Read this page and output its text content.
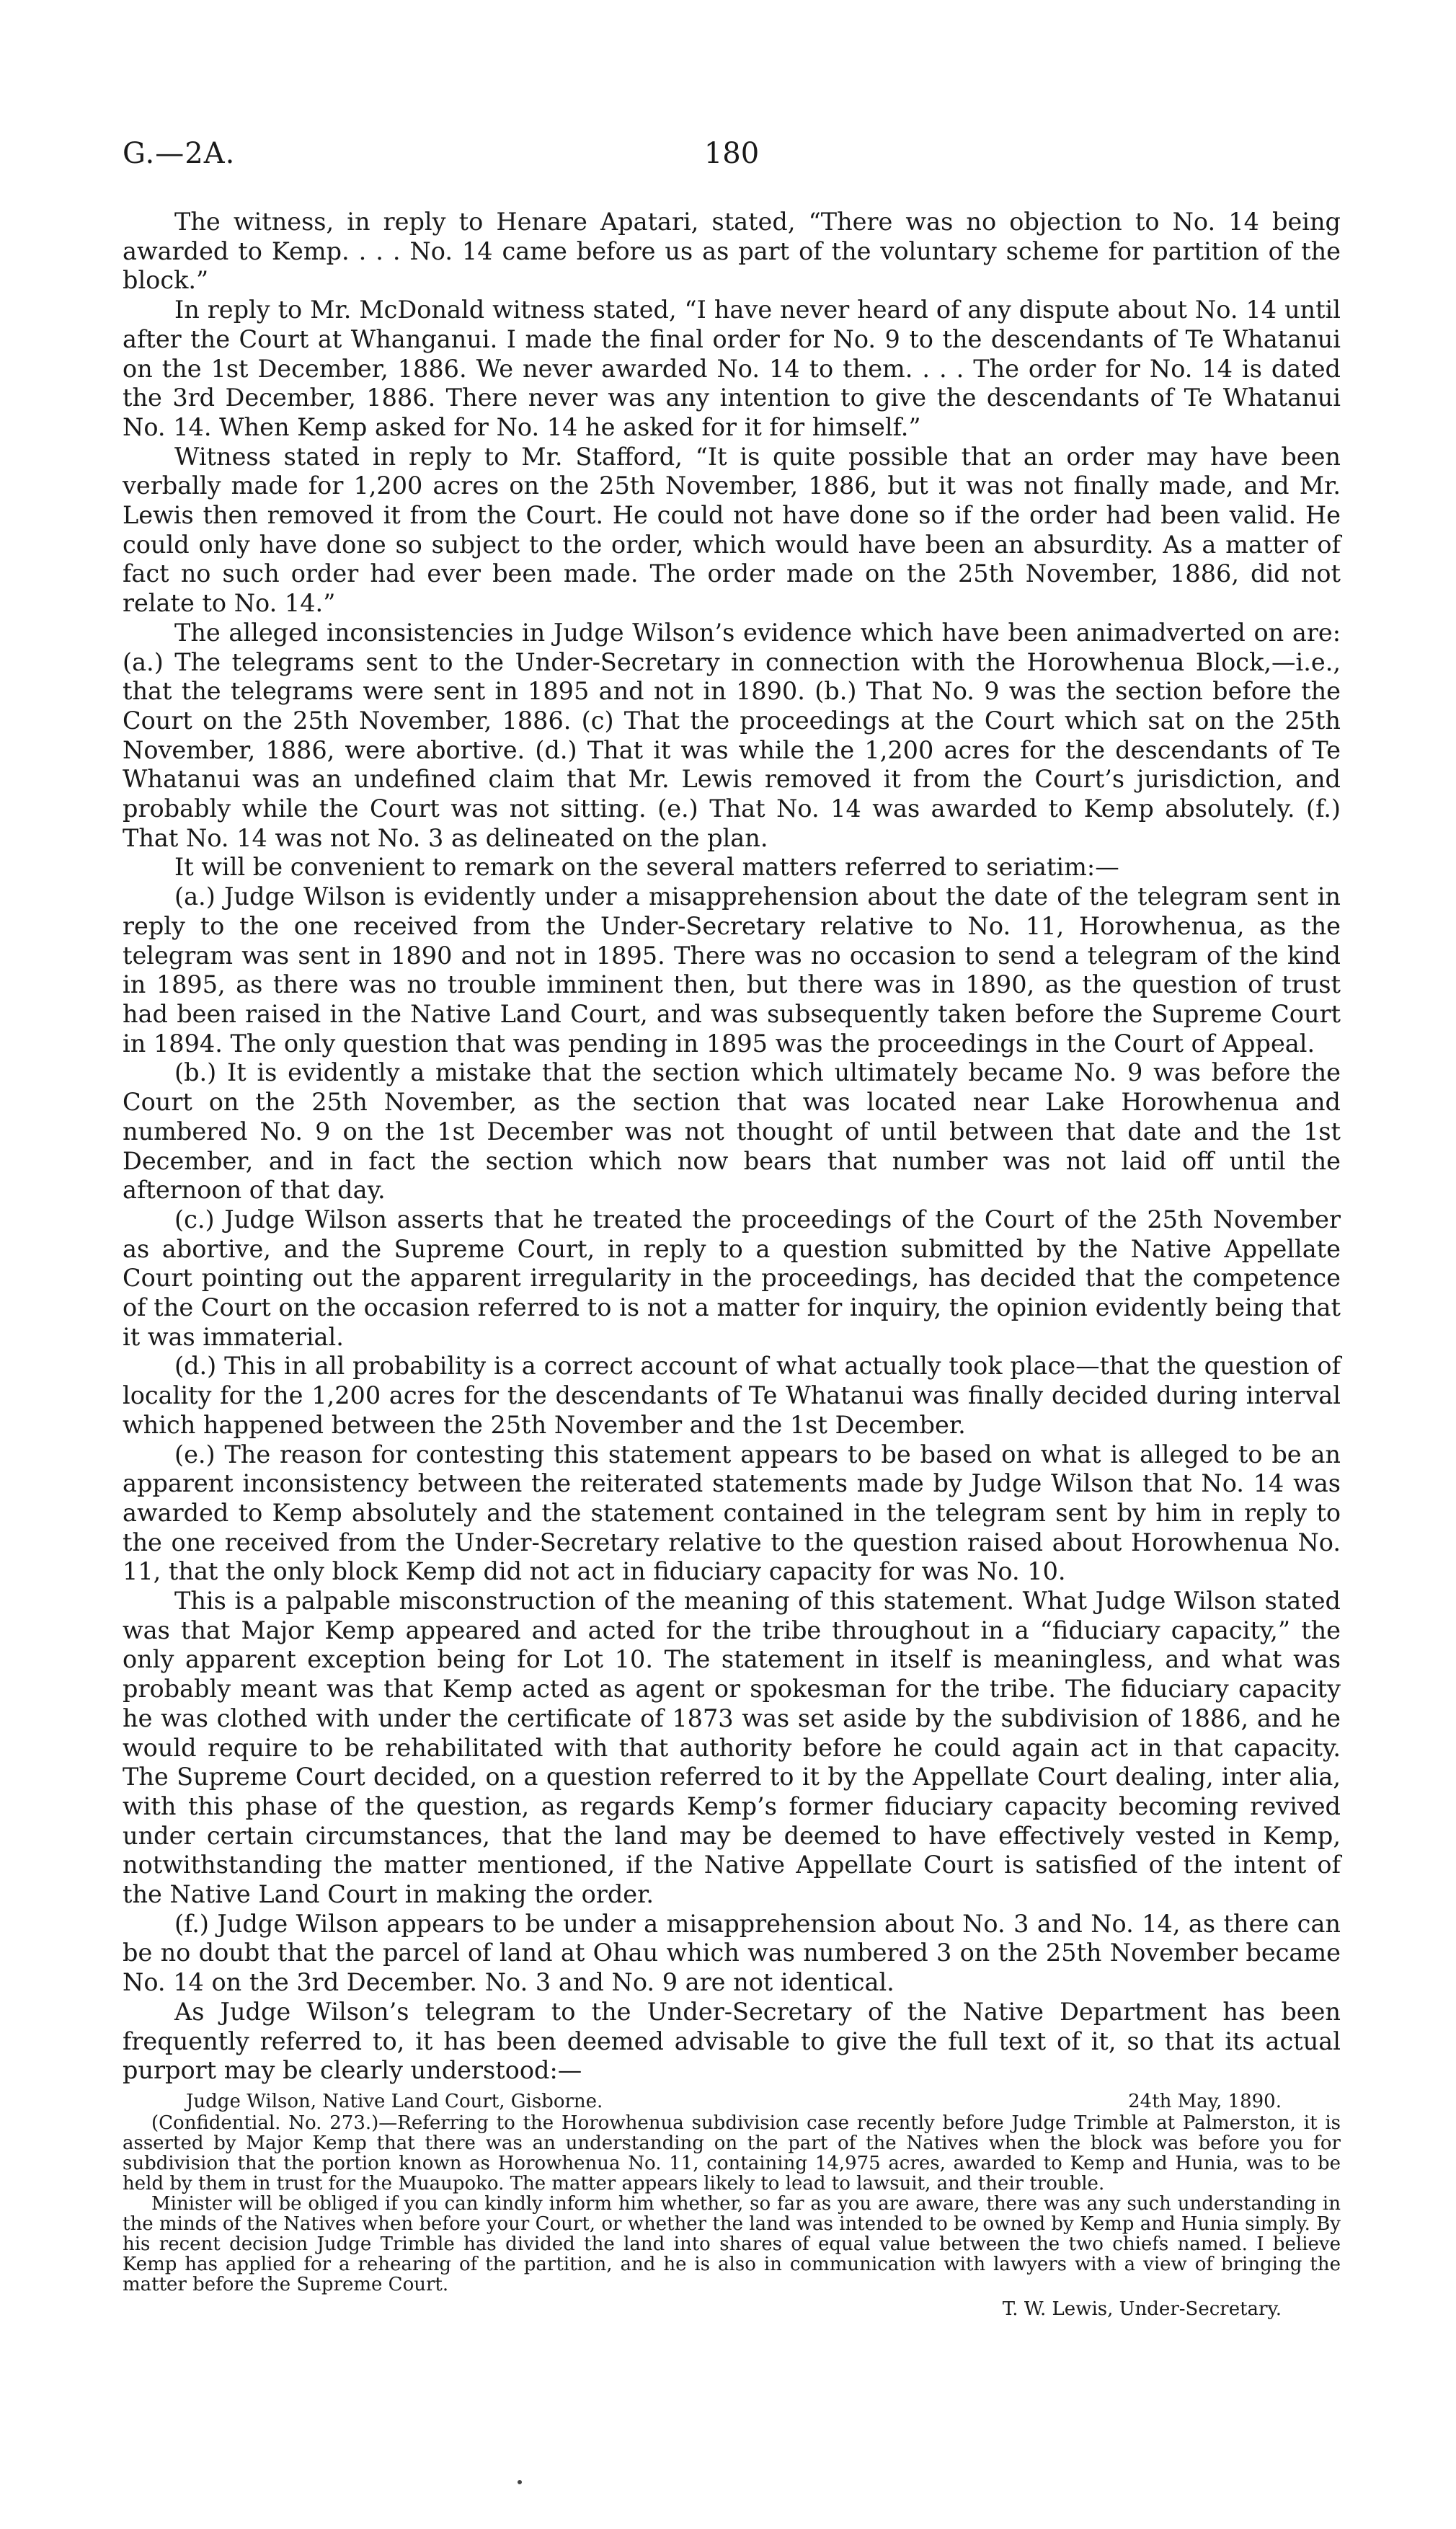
G.—2A.	180

The witness, in reply to Henare Apatari, stated, “There was no objection to No. 14 being awarded to Kemp. . . . No. 14 came before us as part of the voluntary scheme for partition of the block.”

In reply to Mr. McDonald witness stated, “I have never heard of any dispute about No. 14 until after the Court at Whanganui. I made the final order for No. 9 to the descendants of Te Whatanui on the 1st December, 1886. We never awarded No. 14 to them. . . . The order for No. 14 is dated the 3rd December, 1886. There never was any intention to give the descendants of Te Whatanui No. 14. When Kemp asked for No. 14 he asked for it for himself.”

Witness stated in reply to Mr. Stafford, “It is quite possible that an order may have been verbally made for 1,200 acres on the 25th November, 1886, but it was not finally made, and Mr. Lewis then removed it from the Court. He could not have done so if the order had been valid. He could only have done so subject to the order, which would have been an absurdity. As a matter of fact no such order had ever been made. The order made on the 25th November, 1886, did not relate to No. 14.”

The alleged inconsistencies in Judge Wilson’s evidence which have been animadverted on are: (a.) The telegrams sent to the Under-Secretary in connection with the Horowhenua Block,—i.e., that the telegrams were sent in 1895 and not in 1890. (b.) That No. 9 was the section before the Court on the 25th November, 1886. (c) That the proceedings at the Court which sat on the 25th November, 1886, were abortive. (d.) That it was while the 1,200 acres for the descendants of Te Whatanui was an undefined claim that Mr. Lewis removed it from the Court’s jurisdiction, and probably while the Court was not sitting. (e.) That No. 14 was awarded to Kemp absolutely. (f.) That No. 14 was not No. 3 as delineated on the plan.

It will be convenient to remark on the several matters referred to seriatim:—

(a.) Judge Wilson is evidently under a misapprehension about the date of the telegram sent in reply to the one received from the Under-Secretary relative to No. 11, Horowhenua, as the telegram was sent in 1890 and not in 1895. There was no occasion to send a telegram of the kind in 1895, as there was no trouble imminent then, but there was in 1890, as the question of trust had been raised in the Native Land Court, and was subsequently taken before the Supreme Court in 1894. The only question that was pending in 1895 was the proceedings in the Court of Appeal.

(b.) It is evidently a mistake that the section which ultimately became No. 9 was before the Court on the 25th November, as the section that was located near Lake Horowhenua and numbered No. 9 on the 1st December was not thought of until between that date and the 1st December, and in fact the section which now bears that number was not laid off until the afternoon of that day.

(c.) Judge Wilson asserts that he treated the proceedings of the Court of the 25th November as abortive, and the Supreme Court, in reply to a question submitted by the Native Appellate Court pointing out the apparent irregularity in the proceedings, has decided that the competence of the Court on the occasion referred to is not a matter for inquiry, the opinion evidently being that it was immaterial.

(d.) This in all probability is a correct account of what actually took place—that the question of locality for the 1,200 acres for the descendants of Te Whatanui was finally decided during interval which happened between the 25th November and the 1st December.

(e.) The reason for contesting this statement appears to be based on what is alleged to be an apparent inconsistency between the reiterated statements made by Judge Wilson that No. 14 was awarded to Kemp absolutely and the statement contained in the telegram sent by him in reply to the one received from the Under-Secretary relative to the question raised about Horowhenua No. 11, that the only block Kemp did not act in fiduciary capacity for was No. 10.

This is a palpable misconstruction of the meaning of this statement. What Judge Wilson stated was that Major Kemp appeared and acted for the tribe throughout in a “fiduciary capacity,” the only apparent exception being for Lot 10. The statement in itself is meaningless, and what was probably meant was that Kemp acted as agent or spokesman for the tribe. The fiduciary capacity he was clothed with under the certificate of 1873 was set aside by the subdivision of 1886, and he would require to be rehabilitated with that authority before he could again act in that capacity. The Supreme Court decided, on a question referred to it by the Appellate Court dealing, inter alia, with this phase of the question, as regards Kemp’s former fiduciary capacity becoming revived under certain circumstances, that the land may be deemed to have effectively vested in Kemp, notwithstanding the matter mentioned, if the Native Appellate Court is satisfied of the intent of the Native Land Court in making the order.

(f.) Judge Wilson appears to be under a misapprehension about No. 3 and No. 14, as there can be no doubt that the parcel of land at Ohau which was numbered 3 on the 25th November became No. 14 on the 3rd December. No. 3 and No. 9 are not identical.

As Judge Wilson’s telegram to the Under-Secretary of the Native Department has been frequently referred to, it has been deemed advisable to give the full text of it, so that its actual purport may be clearly understood:—

Judge Wilson, Native Land Court, Gisborne.	24th May, 1890.

(Confidential. No. 273.)—Referring to the Horowhenua subdivision case recently before Judge Trimble at Palmerston, it is asserted by Major Kemp that there was an understanding on the part of the Natives when the block was before you for subdivision that the portion known as Horowhenua No. 11, containing 14,975 acres, awarded to Kemp and Hunia, was to be held by them in trust for the Muaupoko. The matter appears likely to lead to lawsuit, and their trouble.

Minister will be obliged if you can kindly inform him whether, so far as you are aware, there was any such understanding in the minds of the Natives when before your Court, or whether the land was intended to be owned by Kemp and Hunia simply. By his recent decision Judge Trimble has divided the land into shares of equal value between the two chiefs named. I believe Kemp has applied for a rehearing of the partition, and he is also in communication with lawyers with a view of bringing the matter before the Supreme Court.

T. W. Lewis, Under-Secretary.
